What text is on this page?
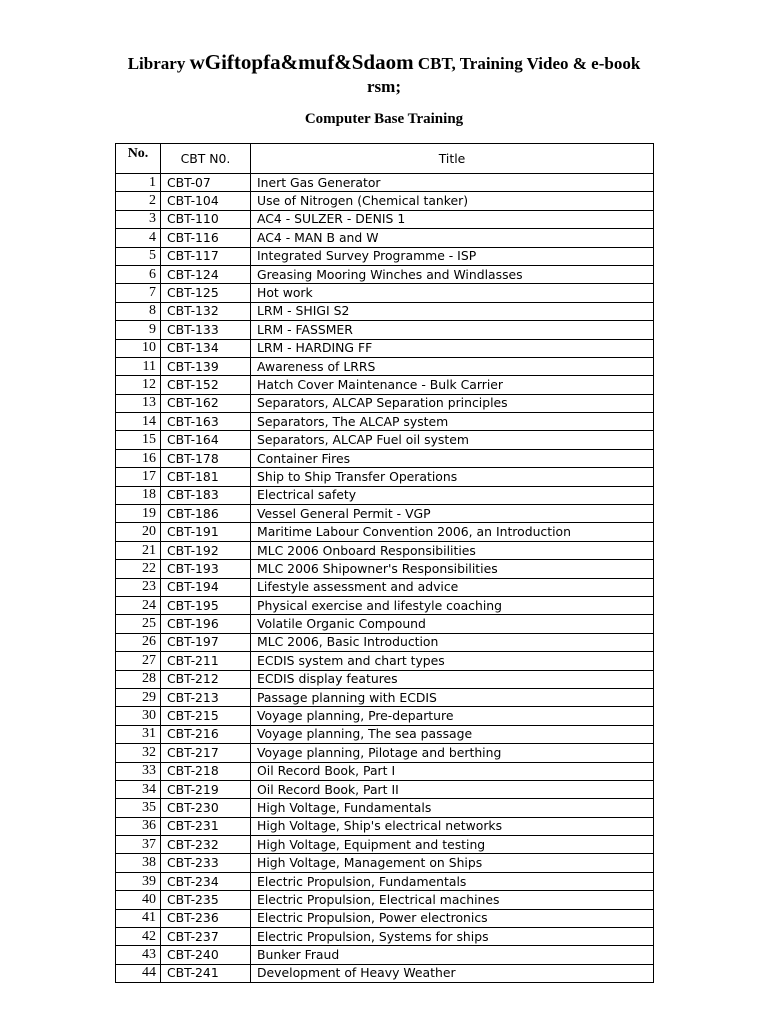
Library wGiftopfa&muf&Sdaom CBT, Training Video & e-book
rsm;
Computer Base Training
No.	CBT N0.	Title
1	CBT-07	Inert Gas Generator
2	CBT-104	Use of Nitrogen (Chemical tanker)
3	CBT-110	AC4 - SULZER - DENIS 1
4	CBT-116	AC4 - MAN B and W
5	CBT-117	Integrated Survey Programme - ISP
6	CBT-124	Greasing Mooring Winches and Windlasses
7	CBT-125	Hot work
8	CBT-132	LRM - SHIGI S2
9	CBT-133	LRM - FASSMER
10	CBT-134	LRM - HARDING FF
11	CBT-139	Awareness of LRRS
12	CBT-152	Hatch Cover Maintenance - Bulk Carrier
13	CBT-162	Separators, ALCAP Separation principles
14	CBT-163	Separators, The ALCAP system
15	CBT-164	Separators, ALCAP Fuel oil system
16	CBT-178	Container Fires
17	CBT-181	Ship to Ship Transfer Operations
18	CBT-183	Electrical safety
19	CBT-186	Vessel General Permit - VGP
20	CBT-191	Maritime Labour Convention 2006, an Introduction
21	CBT-192	MLC 2006 Onboard Responsibilities
22	CBT-193	MLC 2006 Shipowner's Responsibilities
23	CBT-194	Lifestyle assessment and advice
24	CBT-195	Physical exercise and lifestyle coaching
25	CBT-196	Volatile Organic Compound
26	CBT-197	MLC 2006, Basic Introduction
27	CBT-211	ECDIS system and chart types
28	CBT-212	ECDIS display features
29	CBT-213	Passage planning with ECDIS
30	CBT-215	Voyage planning, Pre-departure
31	CBT-216	Voyage planning, The sea passage
32	CBT-217	Voyage planning, Pilotage and berthing
33	CBT-218	Oil Record Book, Part I
34	CBT-219	Oil Record Book, Part II
35	CBT-230	High Voltage, Fundamentals
36	CBT-231	High Voltage, Ship's electrical networks
37	CBT-232	High Voltage, Equipment and testing
38	CBT-233	High Voltage, Management on Ships
39	CBT-234	Electric Propulsion, Fundamentals
40	CBT-235	Electric Propulsion, Electrical machines
41	CBT-236	Electric Propulsion, Power electronics
42	CBT-237	Electric Propulsion, Systems for ships
43	CBT-240	Bunker Fraud
44	CBT-241	Development of Heavy Weather
